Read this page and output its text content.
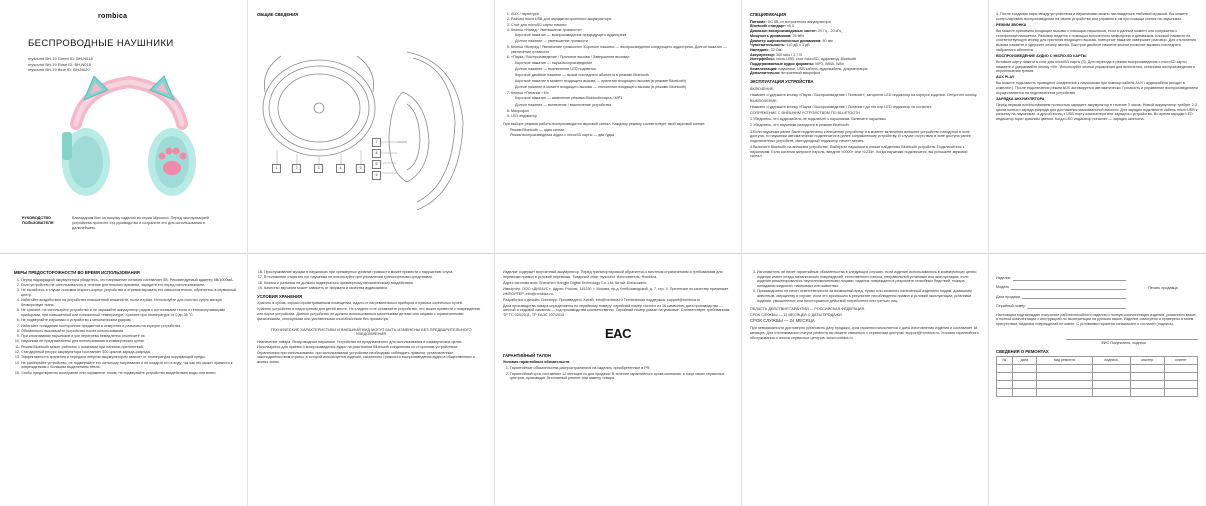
rombica
БЕСПРОВОДНЫЕ НАУШНИКИ
mysound BH-19 Green ID: BH-N018
mysound BH-19 Rose ID: BH-N019
mysound BH-19 Blue ID: BH-N020
РУКОВОДСТВО ПОЛЬЗОВАТЕЛЯ
Благодарим Вас за покупку изделия из серии Mysound. Перед эксплуатацией устройства прочтите это руководство и сохраните его для использования в дальнейшем.
ОБЩИЕ СВЕДЕНИЯ
1	2	3	4	5
7
8
6
9
1. AUX / гарнитура
2. Разъем micro USB для зарядки встроенного аккумулятора.
3. Слот для microSD карты памяти
4. Кнопка «Назад / Уменьшение громкости»

Короткое нажатие — воспроизведение предыдущего аудиотрека

Долгое нажатие — уменьшение громкости

5. Кнопка «Вперед / Увеличение громкости» Короткое нажатие — воспроизведение следующего аудиотрека. Долгое нажатие — увеличение громкости
6. «Пауза / Воспроизведение / Принятие вызова / Завершение вызова»

Короткое нажатие — пауза/воспроизведение

Долгое нажатие — выключение LED подсветки.

Короткое двойное нажатие — вызов последнего абонента в режиме Bluetooth

Короткое нажатие в момент входящего вызова — принятие входящего вызова (в режиме Bluetooth)

Долгое нажатие в момент входящего вызова — отклонение входящего вызова (в режиме Bluetooth)

7. Кнопка «Питание / M»

Короткое нажатие — изменение режима Bluetooth/карта / MP3

Долгое нажатие — включение / выключение устройства

8. Микрофон
9. LED индикатор

При выборе режима работы воспроизводится звуковой сигнал. Каждому режиму соответствует свой звуковой сигнал:

• Режим Bluetooth — один сигнал
• Режим воспроизведения аудио с microSD карты — два гудка
СПЕЦИФИКАЦИЯ
Питание: DC 5В, от встроенного аккумулятора
Bluetooth стандарт: v5.0
Диапазон воспроизводимых частот: 20 Гц - 20 кГц
Мощность динамиков: 25 мВт
Диаметр широкополосных динамиков: 40 мм
Чувствительность: 110 дБ ± 3 дБ
Импеданс: 32 Ом
Аккумулятор: 300 мАч / 3,7 В
Интерфейсы: micro-USB, слот microSD, аудиовход, Bluetooth
Поддерживаемые аудио форматы: MP3, WMA, WAV
Комплектация: наушники, USB кабель, аудиокабель, документация
Дополнительно: встроенный микрофон
ЭКСПЛУАТАЦИЯ УСТРОЙСТВА

ВКЛЮЧЕНИЕ:

Нажмите и удержите кнопку «Пауза / Воспроизведение / Питание», загорится LED индикатор на корпусе изделия. Отпустите кнопку.

ВЫКЛЮЧЕНИЕ:

Нажмите и удержите кнопку «Пауза / Воспроизведение / Питание» до тех пор LED индикатор не погаснет.

СОПРЯЖЕНИЕ С ВНЕШНИМ УСТРОЙСТВОМ ПО BLUETOOTH

1.Убедитесь, что аудиокабель не подключен к наушникам. Включите наушники.

2.Убедитесь, что наушники находятся в режиме Bluetooth.

3.Если наушники ранее были подключены к внешнему устройству и в момент включения внешнее устройство находится в зоне доступа, то наушники автоматически подключатся в ранее сопряженному устройству. В случае отсутствия в зоне доступа ранее подключенных устройств, светодиодный индикатор начнет мигать.

4.Включите Bluetooth на внешнем устройстве. Выберите наушники в списке найденных Bluetooth устройств. Подключитесь к наушникам. Если система запросит пароль, введите «0000» или «1234». Когда наушники подключатся, вы услышите звуковой сигнал.

4. После создания пары между устройством и наушниками можно наслаждаться любимой музыкой. Вы можете контролировать воспроизведение на своем устройстве или управлять им при помощи кнопок на наушниках.

РЕЖИМ ЗВОНКА

Вы можете принимать входящие вызовы с помощью наушников, если в данный момент они сопряжены с телефоном/планшетом. Разговор ведется с помощью встроенного микрофона и динамиков. Кнопкой нажмите на соответствующую кнопку для принятия входящего вызова, повторное нажатие завершает разговор. Для отклонения вызова нажмите и удержите кнопку звонка. Быстрое двойное нажатие кнопки позволит вызвать последнего набранного абонента.

ВОСПРОИЗВЕДЕНИЕ АУДИО С MICRO-SD КАРТЫ

Вставьте карту памяти в слот для microSD карты (3). Для перехода в режим воспроизведения с microSD карты нажмите и удерживайте кнопку «M». Используйте кнопки управления для включения, остановки воспроизведения и переключения треков.

AUX PLAY

Вы можете подключить проводное соединение к наушникам при помощи кабеля AUX / аудиокабеля (входит в комплект). После подключения режим AUX активируется автоматически. Громкость и управление воспроизведением осуществляется на подключенном устройстве.

ЗАРЯДКА АККУМУЛЯТОРА

Перед первым использованием полностью зарядите аккумулятор в течение 3 часов. Новый аккумулятор требует 2-3 цикла полного заряда-разряда для достижения максимальной емкости. Для зарядки подключите кабель micro-USB к разъему на наушниках, а другой конец к USB порту компьютера или зарядного устройства. Во время зарядки LED индикатор горит красным цветом. Когда LED индикатор погаснет — зарядка окончена.

МЕРЫ ПРЕДОСТОРОЖНОСТИ ВО ВРЕМЯ ИСПОЛЬЗОВАНИЯ
1. Перед подзарядкой аккумулятора убедитесь, что напряжение питания составляет 5В. Рекомендуемый адаптер 5В/1000мА.
2. Если устройство не использовалось в течение длительного времени, зарядите его перед использованием.
3. Не пытайтесь в случае поломки открыть корпус устройства и отремонтировать его самостоятельно, обратитесь в сервисный центр.
4. Избегайте воздействия на устройство повышенной влажности, пыли и грязи. Используйте для очистки сухую мягкую безворсовую ткань.
5. Не храните, не используйте устройство и не заряжайте аккумулятор рядом с источниками тепла и теплоизлучающими приборами, при повышенной или пониженной температуре. Храните при температуре от 0 до 35 °С.
6. Не подвергайте наушники и устройство к механическим ударам.
7. Избегайте попадания посторонних предметов в отверстия и разъемы на корпусе устройства.
8. Обязательно выключайте устройство после использования.
9. При опознавании наушников в ухе перегрева немедленно отключите их.
10. Наушники не предназначены для использования в коммерческих целях.
11. Режим Bluetooth может работать с помехами при наличии препятствий.
12. Стандартный ресурс аккумулятора составляет 500 циклов заряда-разряда.
13. Эффективность хранения и передачи энергии аккумулятором зависит от температуры окружающей среды.
14. Не разбирайте устройство, не подвергайте его сильному нагреванию и не кладите его в воду, так как это может привести к повреждениям с большим выделением тепла.
15. Чтобы предотвратить возгорание или поражение током, не подвергайте устройство воздействию воды или влаги.
16. Прослушивание музыки в наушниках при чрезмерных уровнях громкости может привести к нарушению слуха.
17. В положении открытия ног наушники не используйте при управлении транспортными средствами.
18. Кнопки и разъемы не должны подвергаться чрезмерному механическому воздействию.
19. Качество звучания может зависеть от формата и качества аудиозаписи.
УСЛОВИЯ ХРАНЕНИЯ

Хранить в сухом, хорошо проветриваемом помещении, вдали от нагревательных приборов и прямых солнечных лучей.

Хранить устройство в недоступном для детей месте. Не кладите и не оставляйте устройство, это может привести к повреждению или порче устройства. Данное устройство не должно использоваться маленькими детьми или лицами с ограниченными физическими, сенсорными или умственными способностями без присмотра.

ТЕХНИЧЕСКИЕ ХАРАКТЕРИСТИКИ И ВНЕШНИЙ ВИД МОГУТ БЫТЬ ИЗМЕНЕНЫ БЕЗ ПРЕДВАРИТЕЛЬНОГО УВЕДОМЛЕНИЯ

Назначение товара: беспроводные наушники. Устройство не предназначено для использования в коммерческих целях. Используется для приема и воспроизведения аудио на расстоянии Bluetooth соединения со сторонним устройством.

Ограничения при использовании: при использовании устройства необходимо соблюдать правила, установленные законодательством страны, в которой используется изделие, касательно громкости воспроизведения аудио в общественных и жилых зонах.

Изделие содержит встроенный аккумулятор. Перед транспортировкой обратитесь к местным ограничениям и требованиям для перевозки правил и условий перевозки. Товарный знак: mysound. Изготовитель: Rombica.

Адрес изготовителя: Shenzhen Hengjin Digital Technology Co.,Ltd. Китай, Шэньчжэнь.

Импортёр: ООО «ДИЛАУС». Адрес: Россия, 115230, г. Москва, пр-д Хлебозаводский, д. 7, стр. 9. Претензии по качеству принимает ИМПОРТЕР: info@rombica.ru.

Разработка и дизайн: Сингапур. Произведено: Китай. info@rombica.ru Техническая поддержка: support@rombica.ru

Дата производства товара определяется по серийному номеру: серийный номер состоит из 16 символов, дата производства — шестой и седьмой символы — год производства соответственно. Серийный номер указан на упаковке. Соответствует требованиям: ТР ТС 020/2011, ТР ЕАЭС 037/2016

EAC
ГАРАНТИЙНЫЙ ТАЛОН

Условия гарантийных обязательств

1. Гарантийные обязательства распространяются на изделия, приобретенные в РФ.
2. Гарантийный срок составляет 12 месяцев со дня продажи. В течение гарантийного срока компания, в лице своих сервисных центров, производит бесплатный ремонт или замену товара.
3. Изготовитель не несет гарантийные обязательства в следующих случаях: если изделие использовалось в коммерческих целях; изделие имеет следы механических повреждений, естественного износа, неправильной установки или эксплуатации; если изделие ремонтировалось неуполномоченными лицами; изделие повреждено в результате стихийных бедствий, пожара, попадания жидкости, насекомых или животных.
4. Производитель не несет ответственности за возможный вред, прямо или косвенно нанесенный изделием людям, домашним животным, имуществу в случае, если это произошло в результате несоблюдения правил и условий эксплуатации, установки изделия, умышленных или неосторожных действий потребителя или третьих лиц.

ОБЛАСТЬ ДЕЙСТВИЯ ГАРАНТИИ — РОССИЙСКАЯ ФЕДЕРАЦИЯ.

СРОК СЛУЖБЫ — 12 МЕСЯЦЕВ С ДАТЫ ПРОДАЖИ

СРОК СЛУЖБЫ — 24 МЕСЯЦА

При невозможности достоверно установить дату продажи, срок гарантии исчисляется с даты изготовления изделия и составляет 18 месяцев. Для отслеживания статуса ремонта вы можете связаться с сервисным центром: support@rombica.ru. Условия гарантийного обслуживания и список сервисных центров: www.rombica.ru

Изделие
Модель
Дата продажи
Серийный номер
Печать продавца

Настоящим подтверждаю получение работоспособного изделия и полную комплектацию изделия, указанного выше, в полной комплектации с инструкцией по эксплуатации на русском языке. Изделие осмотрено и проверено в моем присутствии, видимых повреждений не имеет. С условиями гарантии ознакомлен и согласен (подпись).

ФИО Покупателя, подпись
СВЕДЕНИЯ О РЕМОНТАХ
№	дата	вид ремонта	подпись	мастер	клиент
